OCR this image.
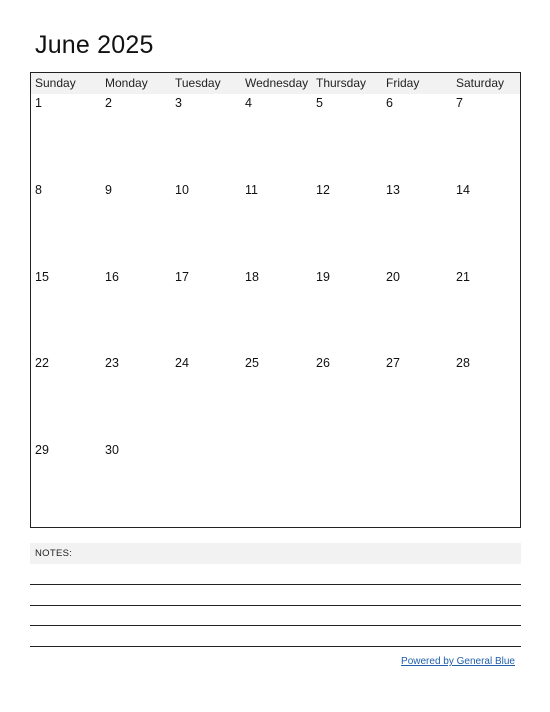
June 2025
Sunday Monday Tuesday Wednesday Thursday Friday	Saturday
1	2	3	4	5	6	7
8	9	10	11	12	13	14
15	16	17	18	19	20	21
22	23	24	25	26	27	28
29	30
NOTES:
Powered by General Blue
